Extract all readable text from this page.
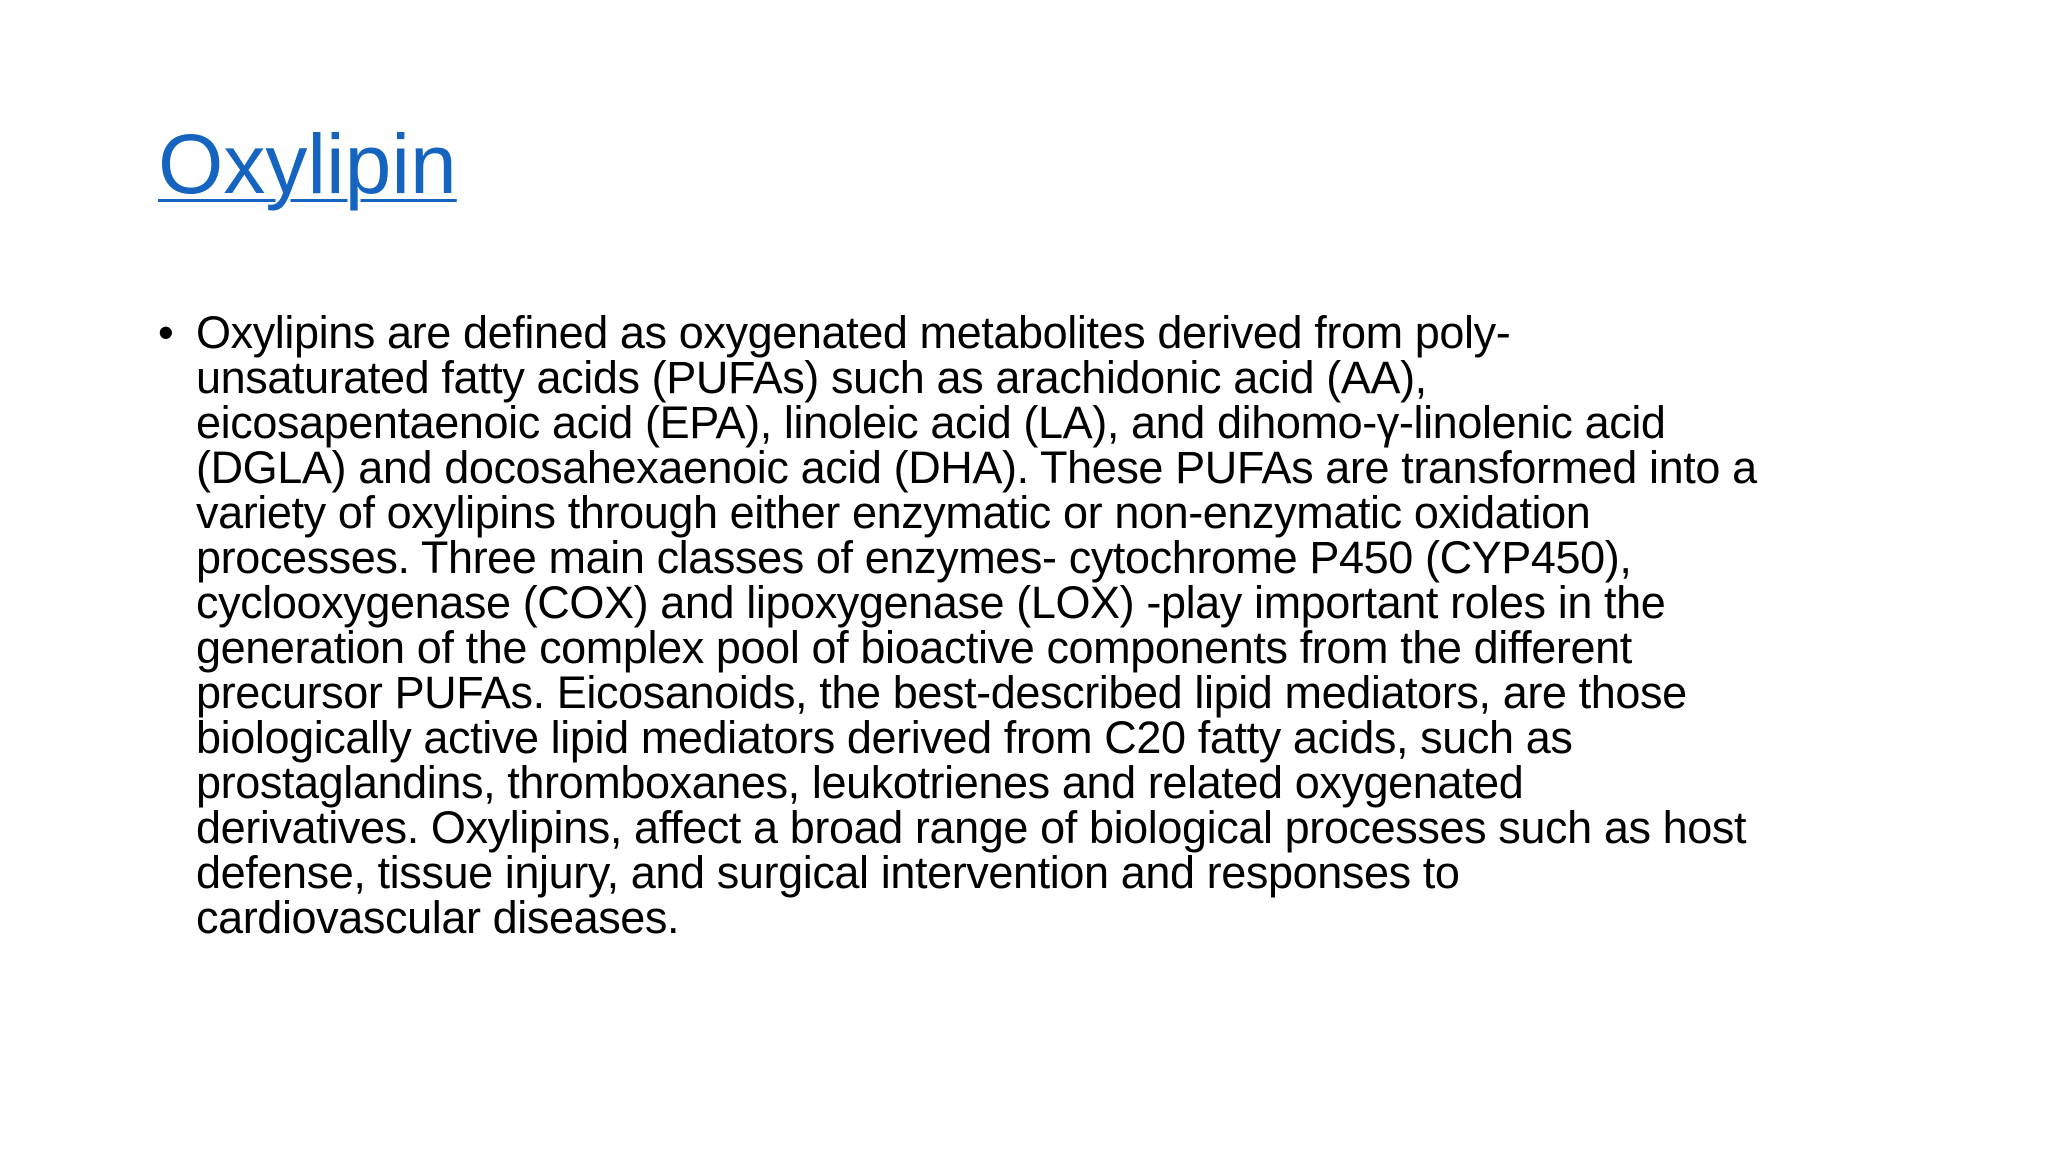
Oxylipin
• Oxylipins are defined as oxygenated metabolites derived from poly-
unsaturated fatty acids (PUFAs) such as arachidonic acid (AA),
eicosapentaenoic acid (EPA), linoleic acid (LA), and dihomo-γ-linolenic acid
(DGLA) and docosahexaenoic acid (DHA). These PUFAs are transformed into a
variety of oxylipins through either enzymatic or non-enzymatic oxidation
processes. Three main classes of enzymes- cytochrome P450 (CYP450),
cyclooxygenase (COX) and lipoxygenase (LOX) -play important roles in the
generation of the complex pool of bioactive components from the different
precursor PUFAs. Eicosanoids, the best-described lipid mediators, are those
biologically active lipid mediators derived from C20 fatty acids, such as
prostaglandins, thromboxanes, leukotrienes and related oxygenated
derivatives. Oxylipins, affect a broad range of biological processes such as host
defense, tissue injury, and surgical intervention and responses to
cardiovascular diseases.
